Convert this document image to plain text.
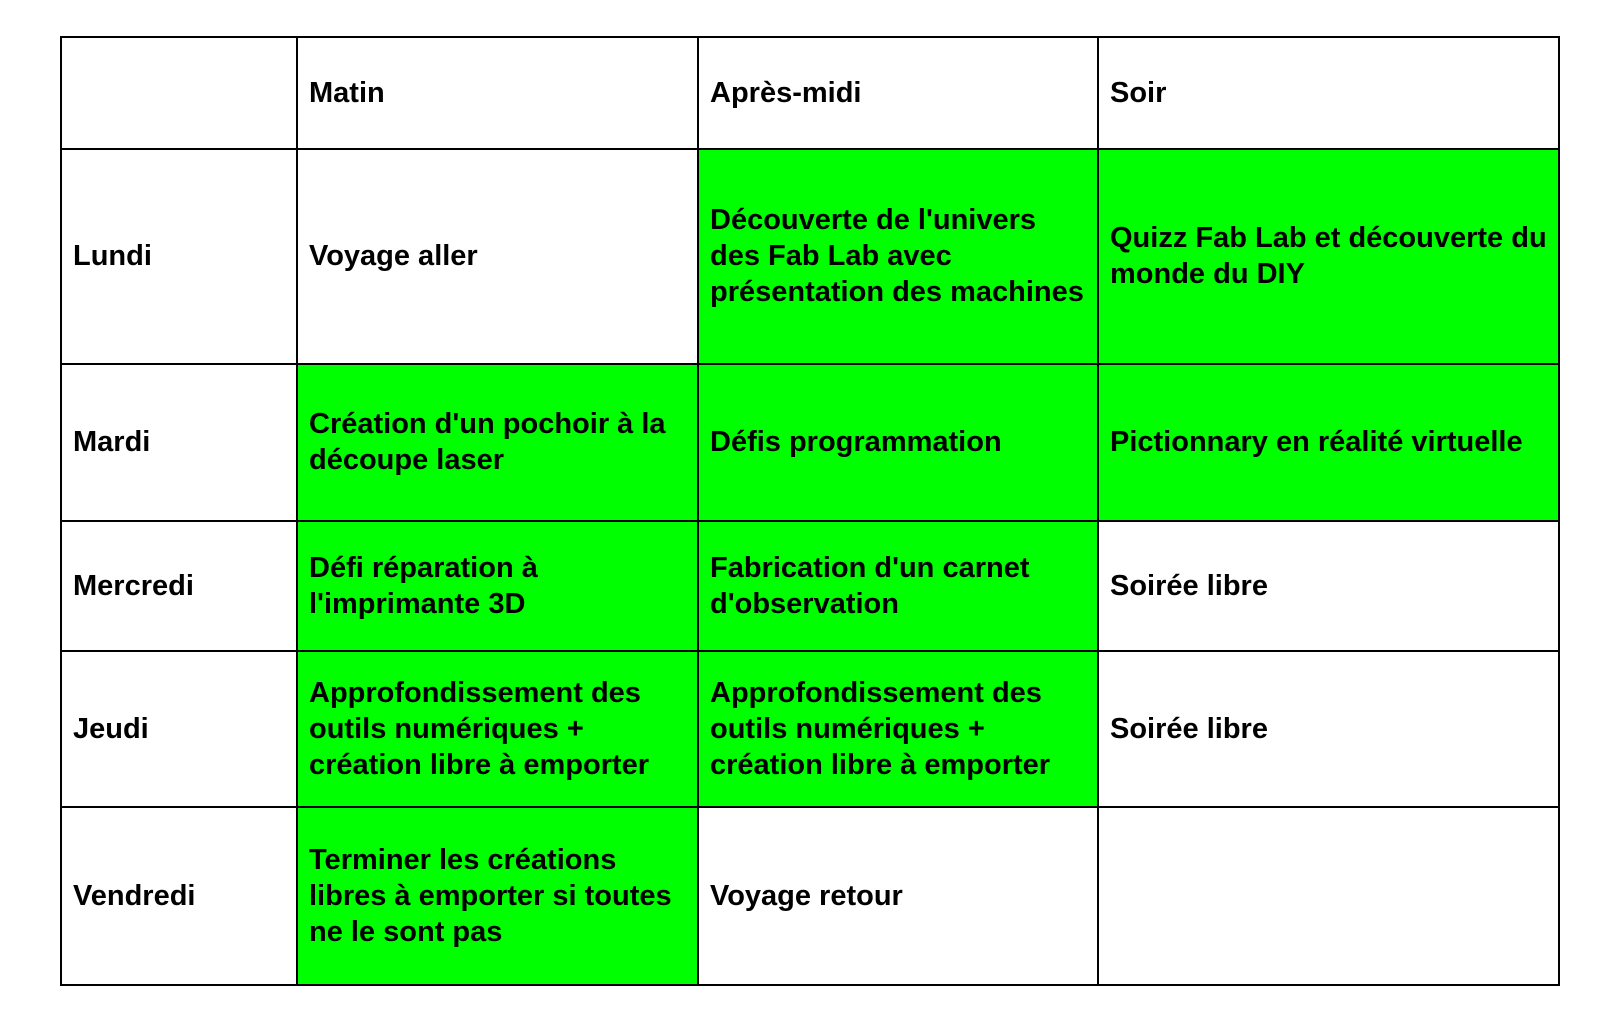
	Matin	Après-midi	Soir
Lundi	Voyage aller	Découverte de l'univers des Fab Lab avec présentation des machines	Quizz Fab Lab et découverte du monde du DIY
Mardi	Création d'un pochoir à la découpe laser	Défis programmation	Pictionnary en réalité virtuelle
Mercredi	Défi réparation à l'imprimante 3D	Fabrication d'un carnet d'observation	Soirée libre
Jeudi	Approfondissement des outils numériques + création libre à emporter	Approfondissement des outils numériques + création libre à emporter	Soirée libre
Vendredi	Terminer les créations libres à emporter si toutes ne le sont pas	Voyage retour	
